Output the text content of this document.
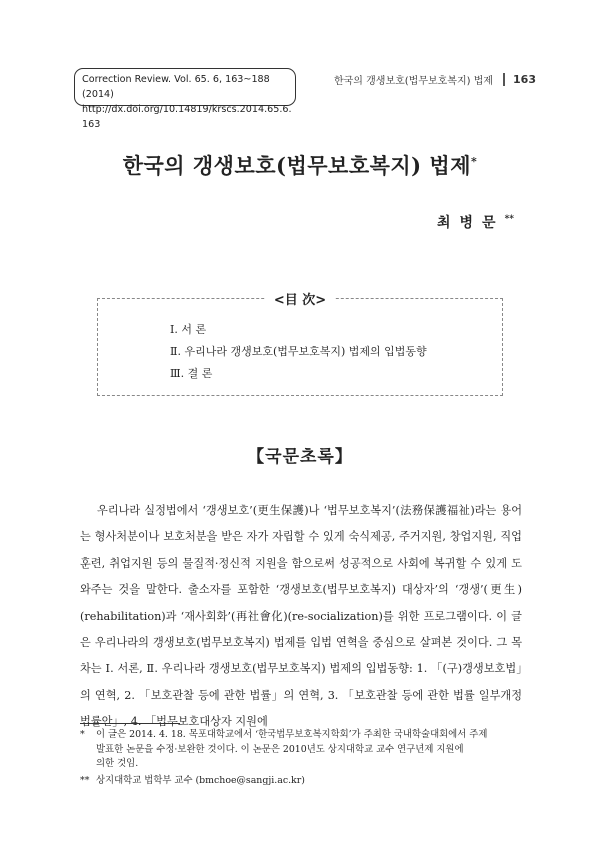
Correction Review. Vol. 65. 6, 163~188 (2014)
http://dx.doi.org/10.14819/krscs.2014.65.6. 163
한국의 갱생보호(법무보호복지) 법제 163
한국의 갱생보호(법무보호복지) 법제*
최병문**
<目 次>
Ⅰ. 서 론
Ⅱ. 우리나라 갱생보호(법무보호복지) 법제의 입법동향
Ⅲ. 결 론
【국문초록】

우리나라 실정법에서 ‘갱생보호’(更生保護)나 ‘법무보호복지’(法務保護福祉)라는 용어는 형사처분이나 보호처분을 받은 자가 자립할 수 있게 숙식제공, 주거지원, 창업지원, 직업훈련, 취업지원 등의 물질적·정신적 지원을 함으로써 성공적으로 사회에 복귀할 수 있게 도와주는 것을 말한다. 출소자를 포함한 ‘갱생보호(법무보호복지) 대상자’의 ‘갱생’(更生)(rehabilitation)과 ‘재사회화’(再社會化)(re-socialization)를 위한 프로그램이다. 이 글은 우리나라의 갱생보호(법무보호복지) 법제를 입법 연혁을 중심으로 살펴본 것이다. 그 목차는 Ⅰ. 서론, Ⅱ. 우리나라 갱생보호(법무보호복지) 법제의 입법동향: 1. 「(구)갱생보호법」의 연혁, 2. 「보호관찰 등에 관한 법률」의 연혁, 3. 「보호관찰 등에 관한 법률 일부개정법률안」, 4. 「법무보호대상자 지원에

* 이 글은 2014. 4. 18. 목포대학교에서 ‘한국법무보호복지학회’가 주최한 국내학술대회에서 주제
발표한 논문을 수정·보완한 것이다. 이 논문은 2010년도 상지대학교 교수 연구년제 지원에
의한 것임.
** 상지대학교 법학부 교수 (bmchoe@sangji.ac.kr)
